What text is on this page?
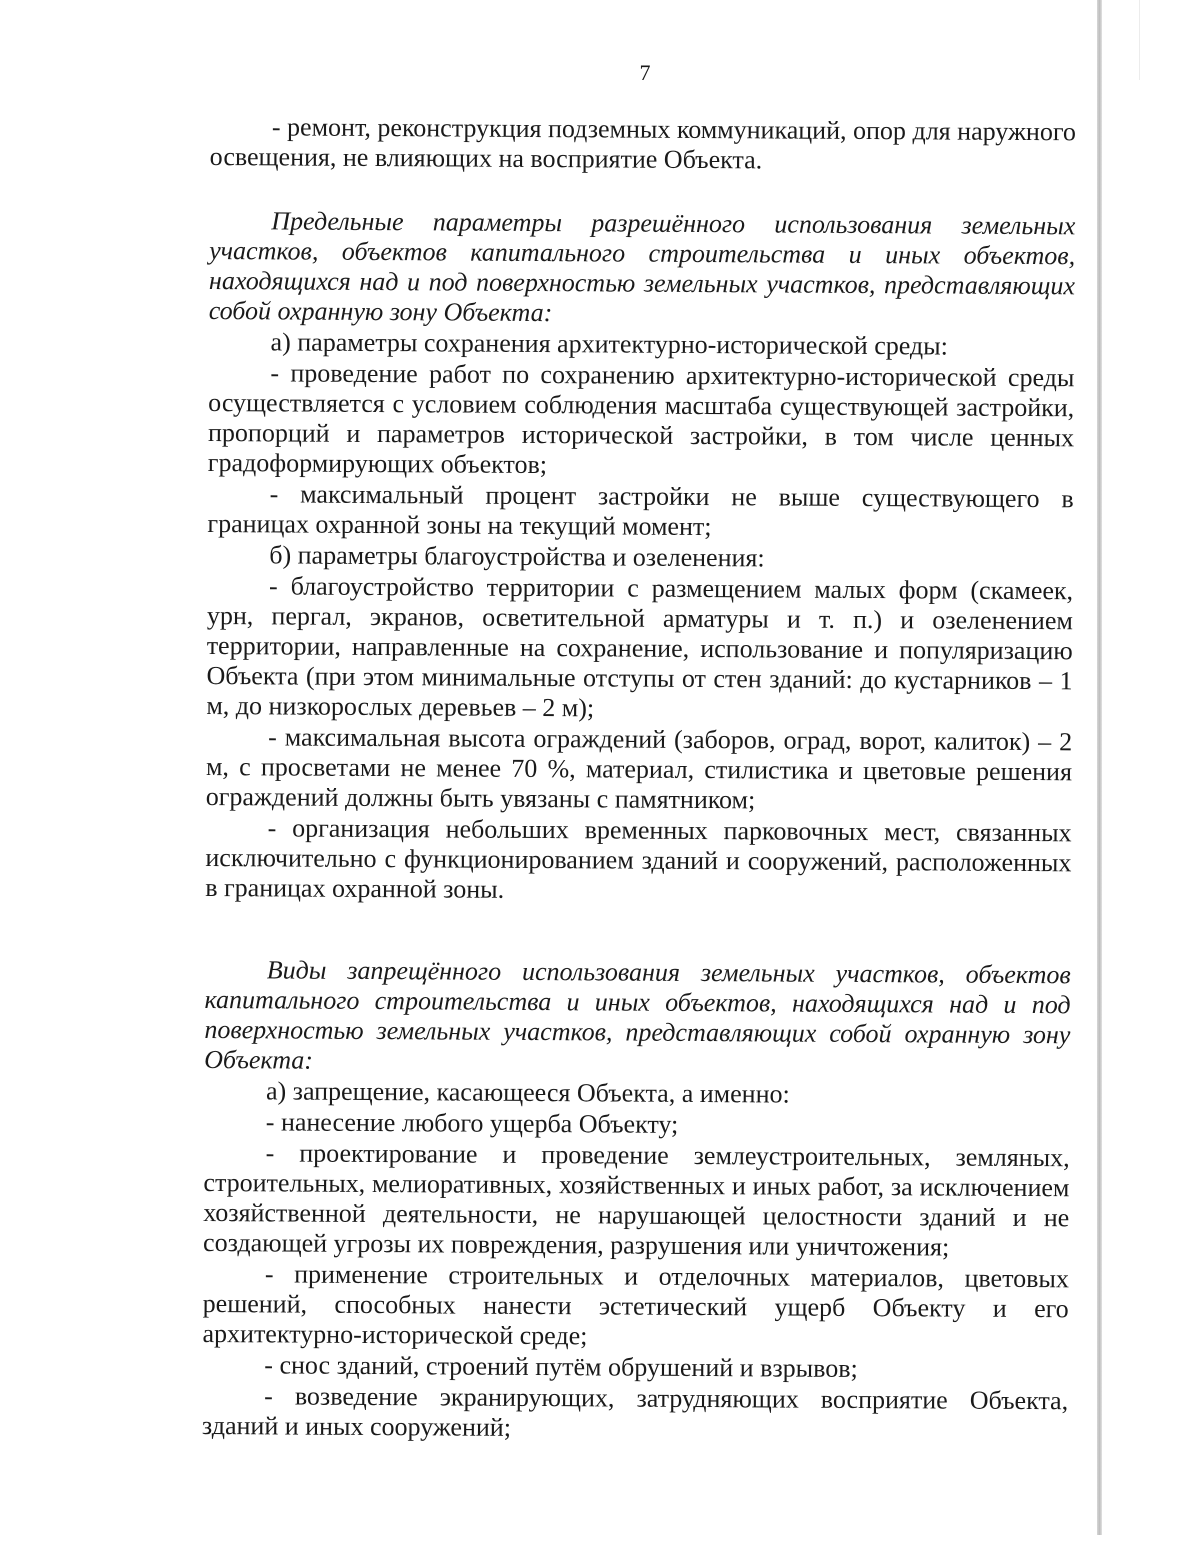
7

- ремонт, реконструкция подземных коммуникаций, опор для наружного освещения, не влияющих на восприятие Объекта.

Предельные параметры разрешённого использования земельных участков, объектов капитального строительства и иных объектов, находящихся над и под поверхностью земельных участков, представляющих собой охранную зону Объекта:

а) параметры сохранения архитектурно-исторической среды:

- проведение работ по сохранению архитектурно-исторической среды осуществляется с условием соблюдения масштаба существующей застройки, пропорций и параметров исторической застройки, в том числе ценных градоформирующих объектов;

- максимальный процент застройки не выше существующего в границах охранной зоны на текущий момент;

б) параметры благоустройства и озеленения:

- благоустройство территории с размещением малых форм (скамеек, урн, пергал, экранов, осветительной арматуры и т. п.) и озеленением территории, направленные на сохранение, использование и популяризацию Объекта (при этом минимальные отступы от стен зданий: до кустарников – 1 м, до низкорослых деревьев – 2 м);

- максимальная высота ограждений (заборов, оград, ворот, калиток) – 2 м, с просветами не менее 70 %, материал, стилистика и цветовые решения ограждений должны быть увязаны с памятником;

- организация небольших временных парковочных мест, связанных исключительно с функционированием зданий и сооружений, расположенных в границах охранной зоны.

Виды запрещённого использования земельных участков, объектов капитального строительства и иных объектов, находящихся над и под поверхностью земельных участков, представляющих собой охранную зону Объекта:

а) запрещение, касающееся Объекта, а именно:

- нанесение любого ущерба Объекту;

- проектирование и проведение землеустроительных, земляных, строительных, мелиоративных, хозяйственных и иных работ, за исключением хозяйственной деятельности, не нарушающей целостности зданий и не создающей угрозы их повреждения, разрушения или уничтожения;

- применение строительных и отделочных материалов, цветовых решений, способных нанести эстетический ущерб Объекту и его архитектурно-исторической среде;

- снос зданий, строений путём обрушений и взрывов;

- возведение экранирующих, затрудняющих восприятие Объекта, зданий и иных сооружений;
